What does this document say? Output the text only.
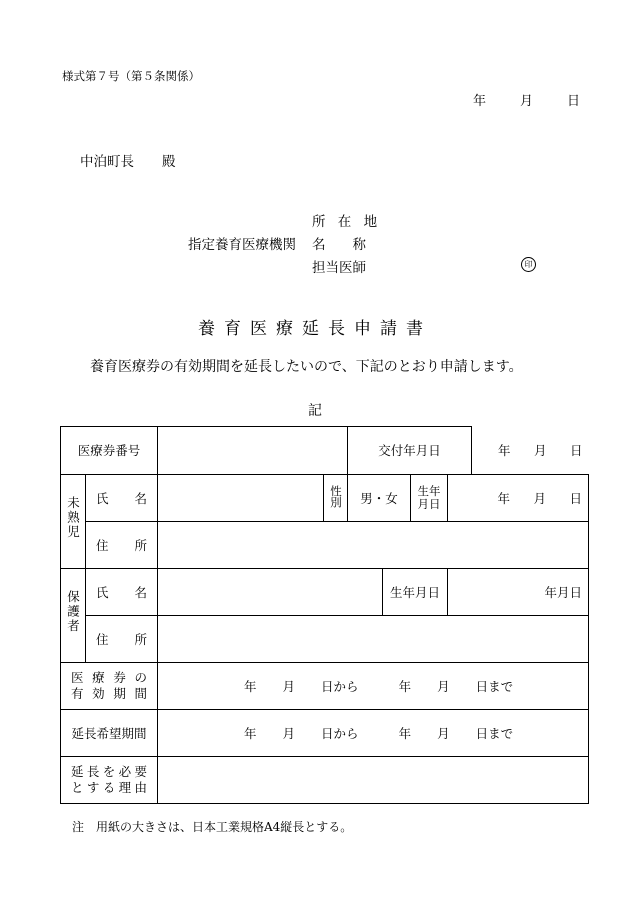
様式第７号（第５条関係）
年	月	日
中泊町長 殿
所 在 地
指定養育医療機関 名　　称
担当医師	印
養育医療延長申請書
養育医療券の有効期間を延長したいので、下記のとおり申請します。
記
医療券番号				交付年月日		年	月	日

未熟児	氏　名		性別	男・女		生年月日	年 月 日

	住　所						
保護者	氏　名				生年月日		年 月 日

	住　所						

医療券の
有効期間		年 月 日から 年 月 日まで					
延長希望期間		年 月 日から 年 月 日まで					

延長を必要
とする理由							

注　用紙の大きさは、日本工業規格A4縦長とする。
